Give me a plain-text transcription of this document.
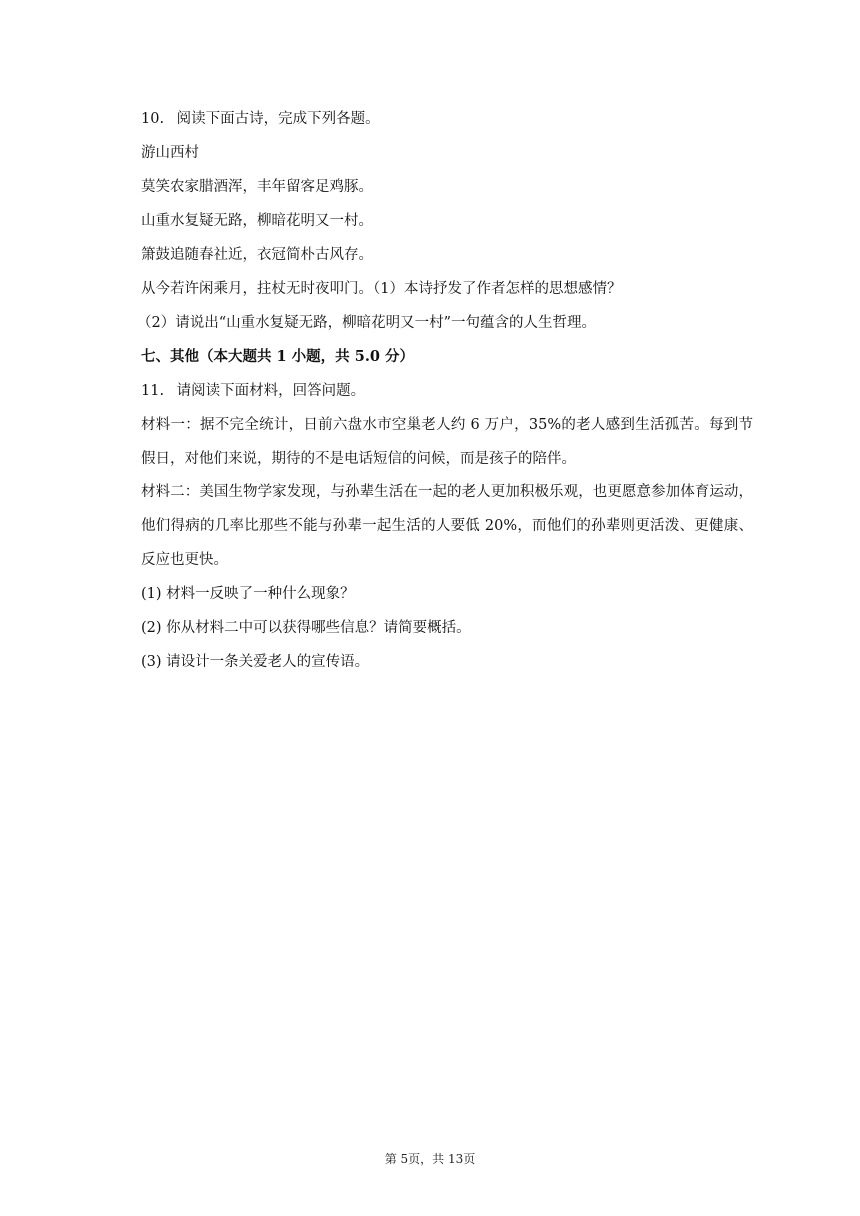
10. 阅读下面古诗，完成下列各题。

游山西村

莫笑农家腊酒浑，丰年留客足鸡豚。

山重水复疑无路，柳暗花明又一村。

箫鼓追随春社近，衣冠简朴古风存。

从今若许闲乘月，拄杖无时夜叩门。（1）本诗抒发了作者怎样的思想感情？

（2）请说出“山重水复疑无路，柳暗花明又一村”一句蕴含的人生哲理。

七、其他（本大题共 1 小题，共 5.0 分）

11. 请阅读下面材料，回答问题。

材料一：据不完全统计，日前六盘水市空巢老人约 6 万户，35%的老人感到生活孤苦。每到节假日，对他们来说，期待的不是电话短信的问候，而是孩子的陪伴。

材料二：美国生物学家发现，与孙辈生活在一起的老人更加积极乐观，也更愿意参加体育运动，他们得病的几率比那些不能与孙辈一起生活的人要低 20%，而他们的孙辈则更活泼、更健康、反应也更快。

(1) 材料一反映了一种什么现象？

(2) 你从材料二中可以获得哪些信息？请简要概括。

(3) 请设计一条关爱老人的宣传语。

第 5页，共 13页
